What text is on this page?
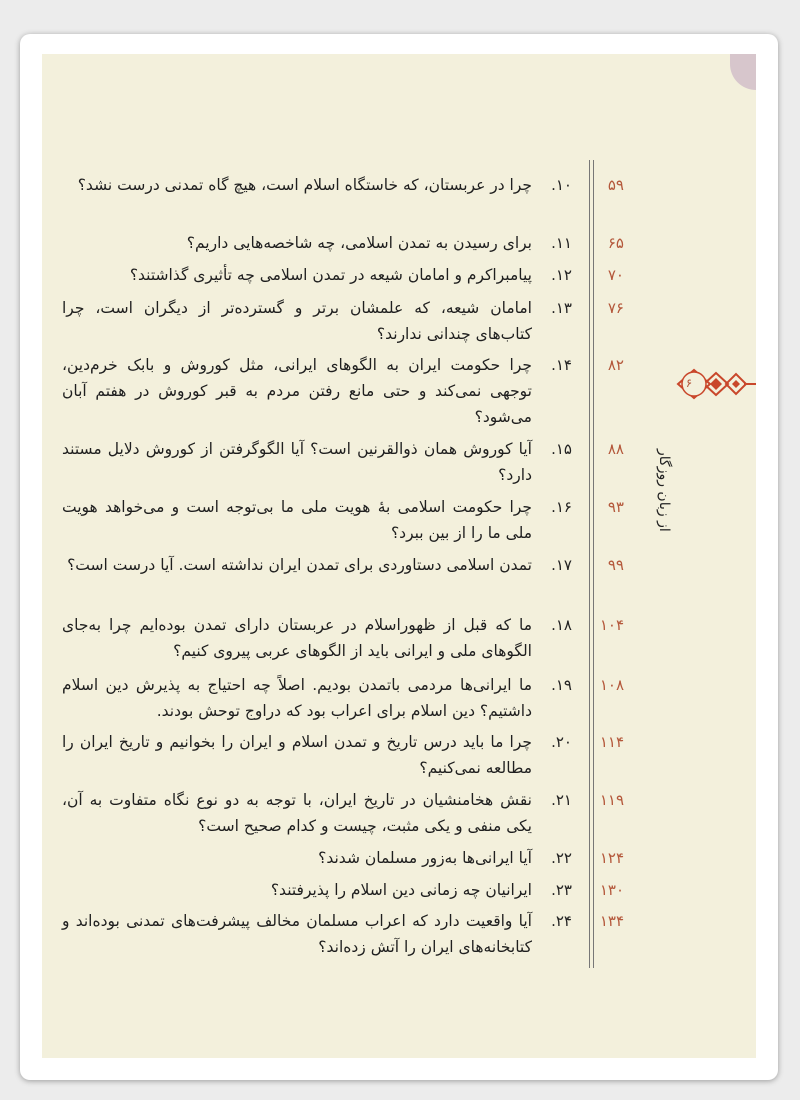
۵۹
۱۰.
چرا در عربستان، که خاستگاه اسلام است، هیچ گاه تمدنی درست نشد؟
۶۵
۱۱.
برای رسیدن به تمدن اسلامی، چه شاخصه‌هایی داریم؟
۷۰
۱۲.
پیامبراکرم و امامان شیعه در تمدن اسلامی چه تأثیری گذاشتند؟
۷۶
۱۳.
امامان شیعه، که علمشان برتر و گسترده‌تر از دیگران است، چرا کتاب‌های چندانی ندارند؟
۸۲
۱۴.
چرا حکومت ایران به الگوهای ایرانی، مثل کوروش و بابک خرم‌دین، توجهی نمی‌کند و حتی مانع رفتن مردم به قبر کوروش در هفتم آبان می‌شود؟
۸۸
۱۵.
آیا کوروش همان ذوالقرنین است؟ آیا الگوگرفتن از کوروش دلایل مستند دارد؟
۹۳
۱۶.
چرا حکومت اسلامی بهٔ هویت ملی ما بی‌توجه است و می‌خواهد هویت ملی ما را از بین ببرد؟
۹۹
۱۷.
تمدن اسلامی دستاوردی برای تمدن ایران نداشته است. آیا درست است؟
۱۰۴
۱۸.
ما که قبل از ظهوراسلام در عربستان دارای تمدن بوده‌ایم چرا به‌جای الگوهای ملی و ایرانی باید از الگوهای عربی پیروی کنیم؟
۱۰۸
۱۹.
ما ایرانی‌ها مردمی باتمدن بودیم. اصلاً چه احتیاج به پذیرش دین اسلام داشتیم؟ دین اسلام برای اعراب بود که دراوج توحش بودند.
۱۱۴
۲۰.
چرا ما باید درس تاریخ و تمدن اسلام و ایران را بخوانیم و تاریخ ایران را مطالعه نمی‌کنیم؟
۱۱۹
۲۱.
نقش هخامنشیان در تاریخ ایران، با توجه به دو نوع نگاه متفاوت به آن، یکی منفی و یکی مثبت، چیست و کدام صحیح است؟
۱۲۴
۲۲.
آیا ایرانی‌ها به‌زور مسلمان شدند؟
۱۳۰
۲۳.
ایرانیان چه زمانی دین اسلام را پذیرفتند؟
۱۳۴
۲۴.
آیا واقعیت دارد که اعراب مسلمان مخالف پیشرفت‌های تمدنی بوده‌اند و کتابخانه‌های ایران را آتش زده‌اند؟
۶
از زبان روزگار
